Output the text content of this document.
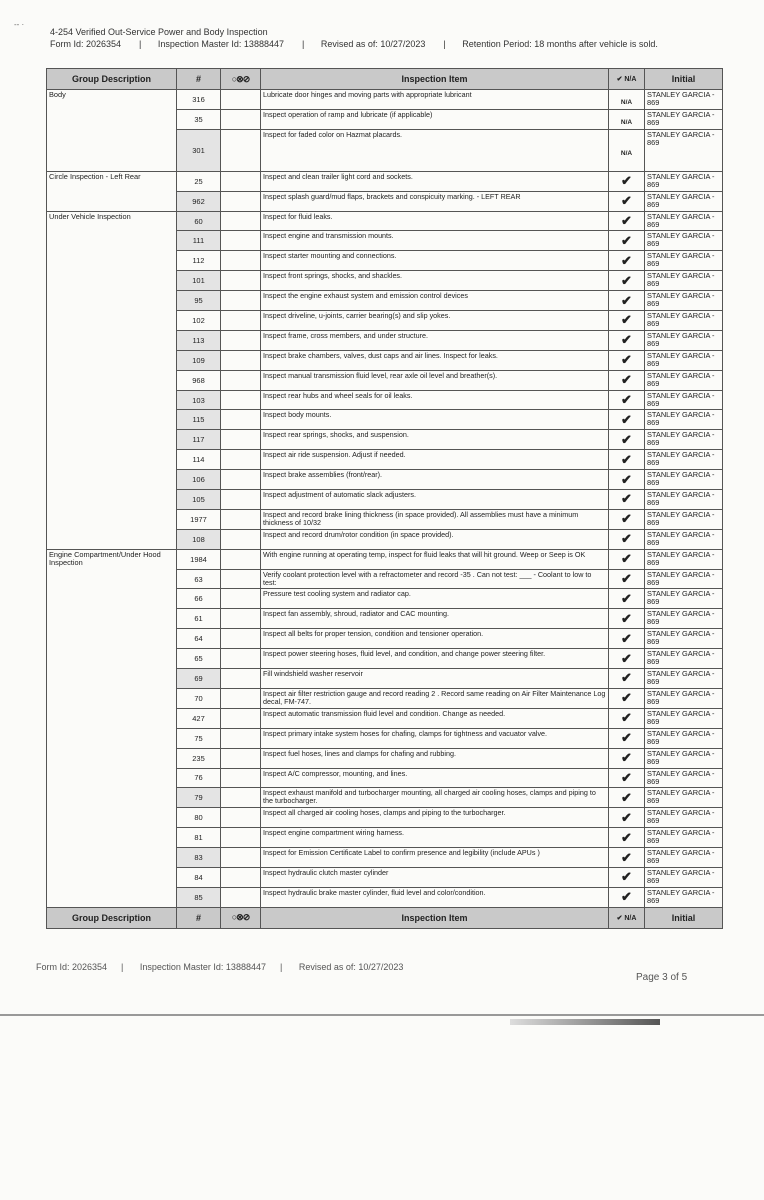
-- ·
4-254 Verified Out-Service Power and Body Inspection
Form Id: 2026354 | Inspection Master Id: 13888447 | Revised as of: 10/27/2023 | Retention Period: 18 months after vehicle is sold.
Group Description	#	○⊗⊘	Inspection Item	✔ N/A	Initial
Body	316		Lubricate door hinges and moving parts with appropriate lubricant	N/A	STANLEY GARCIA - 869
	35		Inspect operation of ramp and lubricate (if applicable)	N/A	STANLEY GARCIA - 869
	301		Inspect for faded color on Hazmat placards.	N/A	STANLEY GARCIA - 869
Circle Inspection - Left Rear	25		Inspect and clean trailer light cord and sockets.	✔	STANLEY GARCIA - 869
	962		Inspect splash guard/mud flaps, brackets and conspicuity marking. - LEFT REAR	✔	STANLEY GARCIA - 869
Under Vehicle Inspection	60		Inspect for fluid leaks.	✔	STANLEY GARCIA - 869
	111		Inspect engine and transmission mounts.	✔	STANLEY GARCIA - 869
	112		Inspect starter mounting and connections.	✔	STANLEY GARCIA - 869
	101		Inspect front springs, shocks, and shackles.	✔	STANLEY GARCIA - 869
	95		Inspect the engine exhaust system and emission control devices	✔	STANLEY GARCIA - 869
	102		Inspect driveline, u-joints, carrier bearing(s) and slip yokes.	✔	STANLEY GARCIA - 869
	113		Inspect frame, cross members, and under structure.	✔	STANLEY GARCIA - 869
	109		Inspect brake chambers, valves, dust caps and air lines. Inspect for leaks.	✔	STANLEY GARCIA - 869
	968		Inspect manual transmission fluid level, rear axle oil level and breather(s).	✔	STANLEY GARCIA - 869
	103		Inspect rear hubs and wheel seals for oil leaks.	✔	STANLEY GARCIA - 869
	115		Inspect body mounts.	✔	STANLEY GARCIA - 869
	117		Inspect rear springs, shocks, and suspension.	✔	STANLEY GARCIA - 869
	114		Inspect air ride suspension. Adjust if needed.	✔	STANLEY GARCIA - 869
	106		Inspect brake assemblies (front/rear).	✔	STANLEY GARCIA - 869
	105		Inspect adjustment of automatic slack adjusters.	✔	STANLEY GARCIA - 869
	1977		Inspect and record brake lining thickness (in space provided). All assemblies must have a minimum thickness of 10/32	✔	STANLEY GARCIA - 869
	108		Inspect and record drum/rotor condition (in space provided).	✔	STANLEY GARCIA - 869
Engine Compartment/Under Hood Inspection	1984		With engine running at operating temp, inspect for fluid leaks that will hit ground. Weep or Seep is OK	✔	STANLEY GARCIA - 869
	63		Verify coolant protection level with a refractometer and record -35 . Can not test: ___ - Coolant to low to test:	✔	STANLEY GARCIA - 869
	66		Pressure test cooling system and radiator cap.	✔	STANLEY GARCIA - 869
	61		Inspect fan assembly, shroud, radiator and CAC mounting.	✔	STANLEY GARCIA - 869
	64		Inspect all belts for proper tension, condition and tensioner operation.	✔	STANLEY GARCIA - 869
	65		Inspect power steering hoses, fluid level, and condition, and change power steering filter.	✔	STANLEY GARCIA - 869
	69		Fill windshield washer reservoir	✔	STANLEY GARCIA - 869
	70		Inspect air filter restriction gauge and record reading 2 . Record same reading on Air Filter Maintenance Log decal, FM-747.	✔	STANLEY GARCIA - 869
	427		Inspect automatic transmission fluid level and condition. Change as needed.	✔	STANLEY GARCIA - 869
	75		Inspect primary intake system hoses for chafing, clamps for tightness and vacuator valve.	✔	STANLEY GARCIA - 869
	235		Inspect fuel hoses, lines and clamps for chafing and rubbing.	✔	STANLEY GARCIA - 869
	76		Inspect A/C compressor, mounting, and lines.	✔	STANLEY GARCIA - 869
	79		Inspect exhaust manifold and turbocharger mounting, all charged air cooling hoses, clamps and piping to the turbocharger.	✔	STANLEY GARCIA - 869
	80		Inspect all charged air cooling hoses, clamps and piping to the turbocharger.	✔	STANLEY GARCIA - 869
	81		Inspect engine compartment wiring harness.	✔	STANLEY GARCIA - 869
	83		Inspect for Emission Certificate Label to confirm presence and legibility (include APUs )	✔	STANLEY GARCIA - 869
	84		Inspect hydraulic clutch master cylinder	✔	STANLEY GARCIA - 869
	85		Inspect hydraulic brake master cylinder, fluid level and color/condition.	✔	STANLEY GARCIA - 869
Group Description	#	○⊗⊘	Inspection Item	✔ N/A	Initial
Form Id: 2026354 | Inspection Master Id: 13888447 | Revised as of: 10/27/2023
Page 3 of 5
